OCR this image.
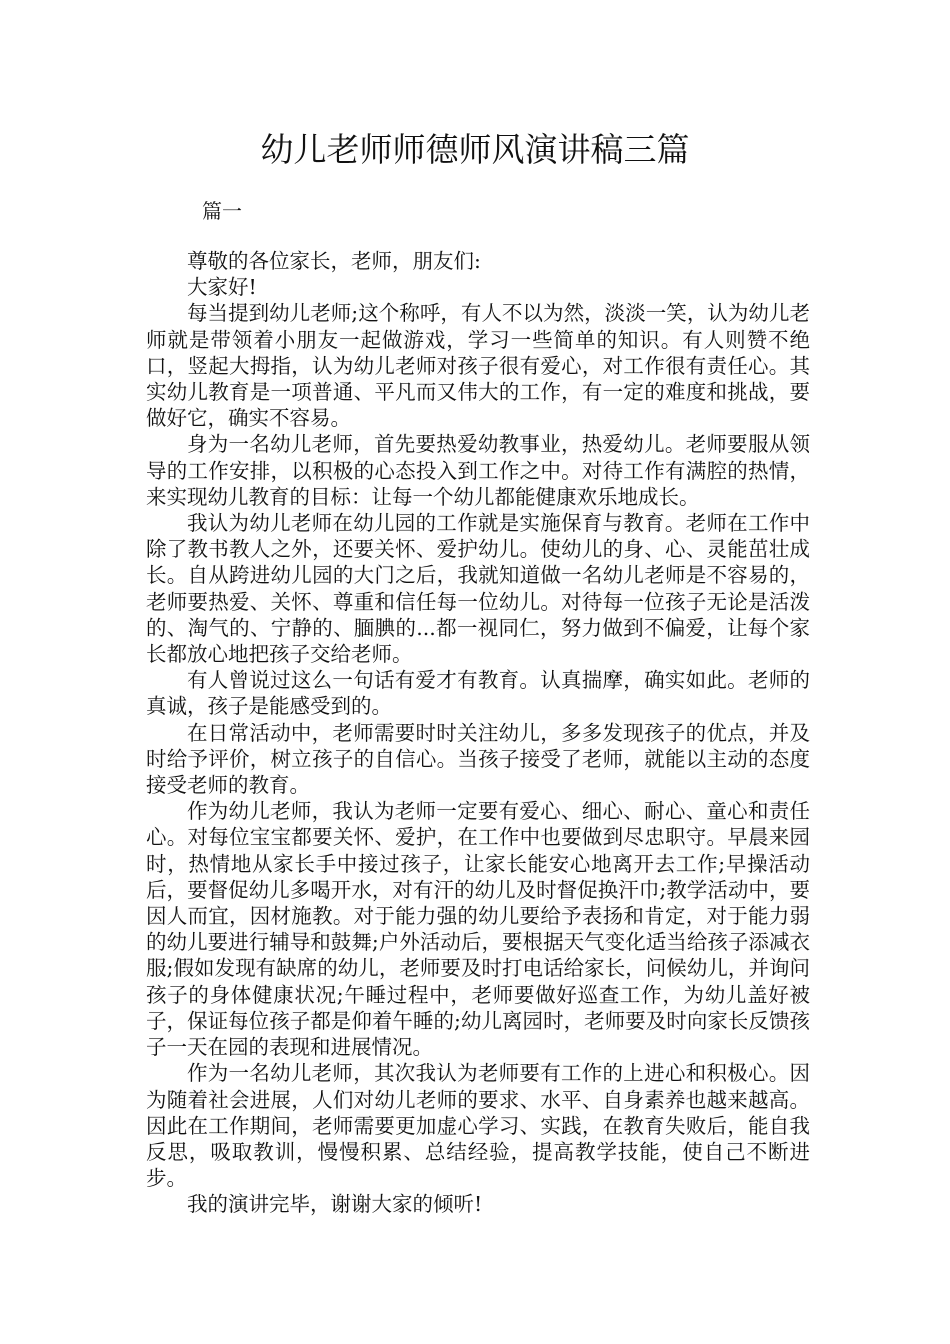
幼儿老师师德师风演讲稿三篇
篇一

尊敬的各位家长，老师，朋友们:

大家好!

每当提到幼儿老师;这个称呼，有人不以为然，淡淡一笑，认为幼儿老师就是带领着小朋友一起做游戏，学习一些简单的知识。有人则赞不绝口，竖起大拇指，认为幼儿老师对孩子很有爱心，对工作很有责任心。其实幼儿教育是一项普通、平凡而又伟大的工作，有一定的难度和挑战，要做好它，确实不容易。

身为一名幼儿老师，首先要热爱幼教事业，热爱幼儿。老师要服从领导的工作安排，以积极的心态投入到工作之中。对待工作有满腔的热情，来实现幼儿教育的目标：让每一个幼儿都能健康欢乐地成长。

我认为幼儿老师在幼儿园的工作就是实施保育与教育。老师在工作中除了教书教人之外，还要关怀、爱护幼儿。使幼儿的身、心、灵能茁壮成长。自从跨进幼儿园的大门之后，我就知道做一名幼儿老师是不容易的，老师要热爱、关怀、尊重和信任每一位幼儿。对待每一位孩子无论是活泼的、淘气的、宁静的、腼腆的...都一视同仁，努力做到不偏爱，让每个家长都放心地把孩子交给老师。

有人曾说过这么一句话有爱才有教育。认真揣摩，确实如此。老师的真诚，孩子是能感受到的。

在日常活动中，老师需要时时关注幼儿，多多发现孩子的优点，并及时给予评价，树立孩子的自信心。当孩子接受了老师，就能以主动的态度接受老师的教育。

作为幼儿老师，我认为老师一定要有爱心、细心、耐心、童心和责任心。对每位宝宝都要关怀、爱护，在工作中也要做到尽忠职守。早晨来园时，热情地从家长手中接过孩子，让家长能安心地离开去工作;早操活动后，要督促幼儿多喝开水，对有汗的幼儿及时督促换汗巾;教学活动中，要因人而宜，因材施教。对于能力强的幼儿要给予表扬和肯定，对于能力弱的幼儿要进行辅导和鼓舞;户外活动后，要根据天气变化适当给孩子添减衣服;假如发现有缺席的幼儿，老师要及时打电话给家长，问候幼儿，并询问孩子的身体健康状况;午睡过程中，老师要做好巡查工作，为幼儿盖好被子，保证每位孩子都是仰着午睡的;幼儿离园时，老师要及时向家长反馈孩子一天在园的表现和进展情况。

作为一名幼儿老师，其次我认为老师要有工作的上进心和积极心。因为随着社会进展，人们对幼儿老师的要求、水平、自身素养也越来越高。因此在工作期间，老师需要更加虚心学习、实践，在教育失败后，能自我反思，吸取教训，慢慢积累、总结经验，提高教学技能，使自己不断进步。

我的演讲完毕，谢谢大家的倾听!
